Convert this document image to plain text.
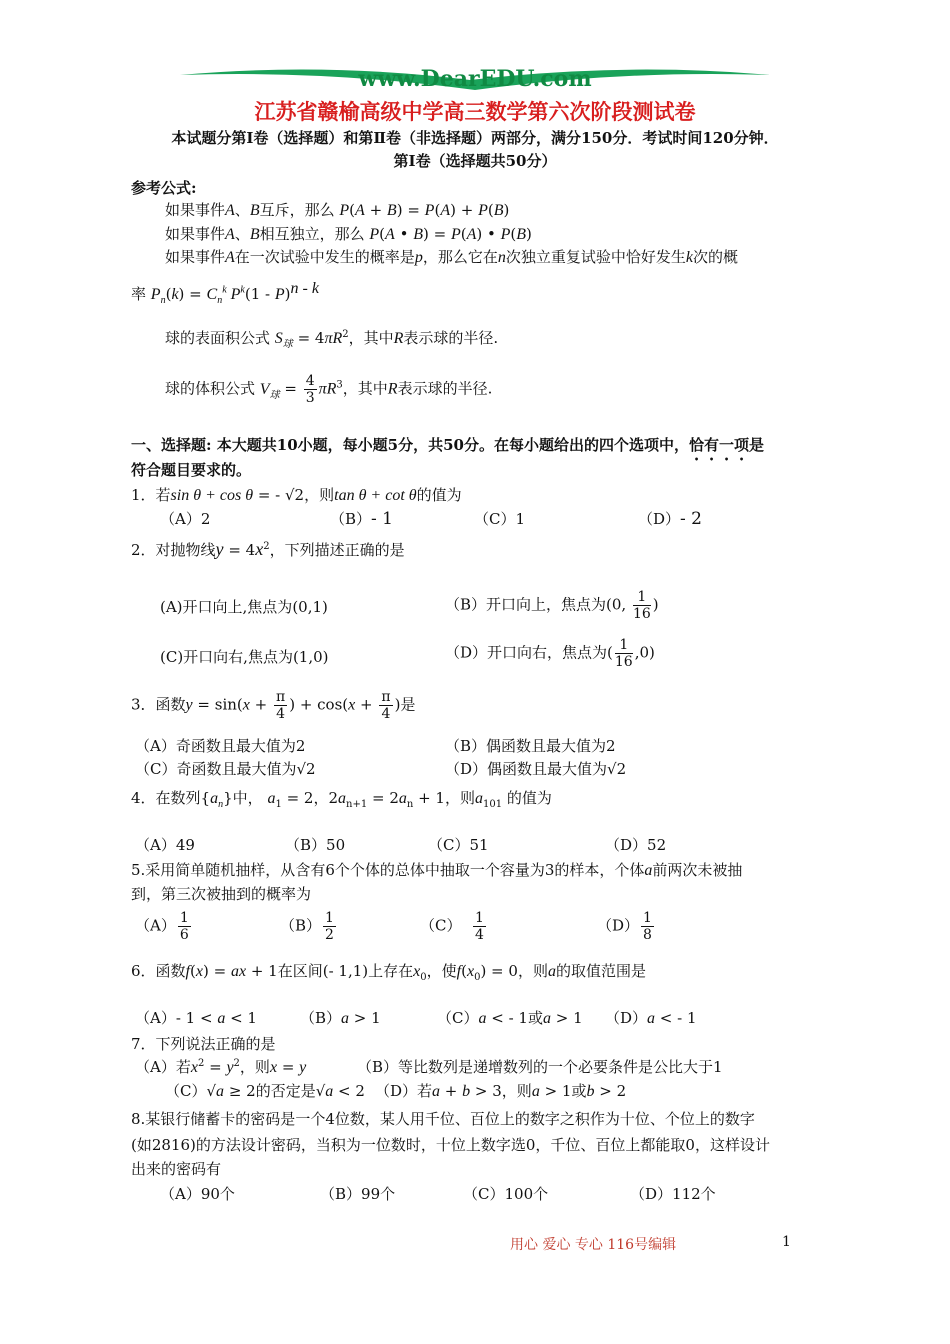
www.DearEDU.com
江苏省赣榆高级中学高三数学第六次阶段测试卷
本试题分第Ⅰ卷（选择题）和第Ⅱ卷（非选择题）两部分，满分150分．考试时间120分钟．
第Ⅰ卷（选择题共50分）
参考公式:
如果事件A、B互斥，那么 P(A + B) = P(A) + P(B)
如果事件A、B相互独立，那么 P(A • B) = P(A) • P(B)
如果事件A在一次试验中发生的概率是p，那么它在n次独立重复试验中恰好发生k次的概
率 $P_n(k) = C_n^k$ $P^k(1 - P)^{n - k}$
球的表面积公式 $S_球 = 4\pi R^2$，其中R表示球的半径.
球的体积公式 $V_球 = \frac{4}{3} \pi R^3$，其中R表示球的半径.
一、选择题: 本大题共10小题，每小题5分，共50分。在每小题给出的四个选项中，恰有一项是
符合题目要求的。
1．若sin θ + cos θ = - √2，则tan θ + cot θ的值为
（A）2	（B）- 1	（C）1	（D）- 2
2．对抛物线$y = 4x^2$，下列描述正确的是
(A)开口向上,焦点为(0,1)	（B）开口向上，焦点为(0, $\frac{1}{16}$ )
(C)开口向右,焦点为(1,0)	（D）开口向右，焦点为( $\frac{1}{16} ,0$)
3．函数$y = \sin(x + \frac{\pi}{4}$ ) + $\cos(x + \frac{\pi}{4}$ )是
（A）奇函数且最大值为2	（B）偶函数且最大值为2
（C）奇函数且最大值为√2	（D）偶函数且最大值为√2
4．在数列$\{a_n\}$中， $a_1 = 2$，$2a_{n+1} = 2a_n + 1$，则$a_{101}$ 的值为
（A）49	（B）50	（C）51	（D）52
5.采用简单随机抽样，从含有6个个体的总体中抽取一个容量为3的样本，个体a前两次未被抽
到，第三次被抽到的概率为
$(A) \frac{1}{6}$	$(B) \frac{1}{2}$	$(C) \frac{1}{4}$	$(D) \frac{1}{8}$
6．函数f(x) = ax + 1在区间(- 1,1)上存在$x_0$，使$f(x_0) = 0$，则a的取值范围是
（A）- 1 < a < 1	（B）a > 1	（C）a < - 1或a > 1 （D）a < - 1
7．下列说法正确的是
（A）若$x^2 = y^2$，则x = y	（B）等比数列是递增数列的一个必要条件是公比大于1
（C）√a ≥ 2的否定是√a < 2 （D）若a + b > 3，则a > 1或b > 2
8.某银行储蓄卡的密码是一个4位数，某人用千位、百位上的数字之积作为十位、个位上的数字
(如2816)的方法设计密码，当积为一位数时，十位上数字选0，千位、百位上都能取0，这样设计
出来的密码有
（A）90个	（B）99个	（C）100个	（D）112个
用心 爱心 专心 116号编辑	1
